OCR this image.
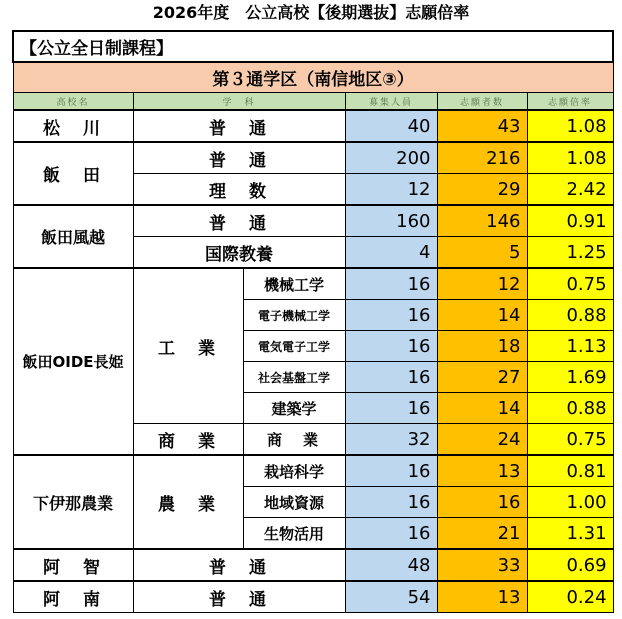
2026年度　公立高校【後期選抜】志願倍率
【公立全日制課程】					
第３通学区（南信地区③）					
高校名	学　科		募集人員	志願者数	志願倍率
松　川	普　通		40	43	1.08
飯　田	普　通		200	216	1.08
	理　数		12	29	2.42
飯田風越	普　通		160	146	0.91
	国際教養		4	5	1.25
飯田OIDE長姫	工　業	機械工学	16	12	0.75
		電子機械工学	16	14	0.88
		電気電子工学	16	18	1.13
		社会基盤工学	16	27	1.69
		建築学	16	14	0.88
	商　業	商　業	32	24	0.75
下伊那農業	農　業	栽培科学	16	13	0.81
		地域資源	16	16	1.00
		生物活用	16	21	1.31
阿　智	普　通		48	33	0.69
阿　南	普　通		54	13	0.24
